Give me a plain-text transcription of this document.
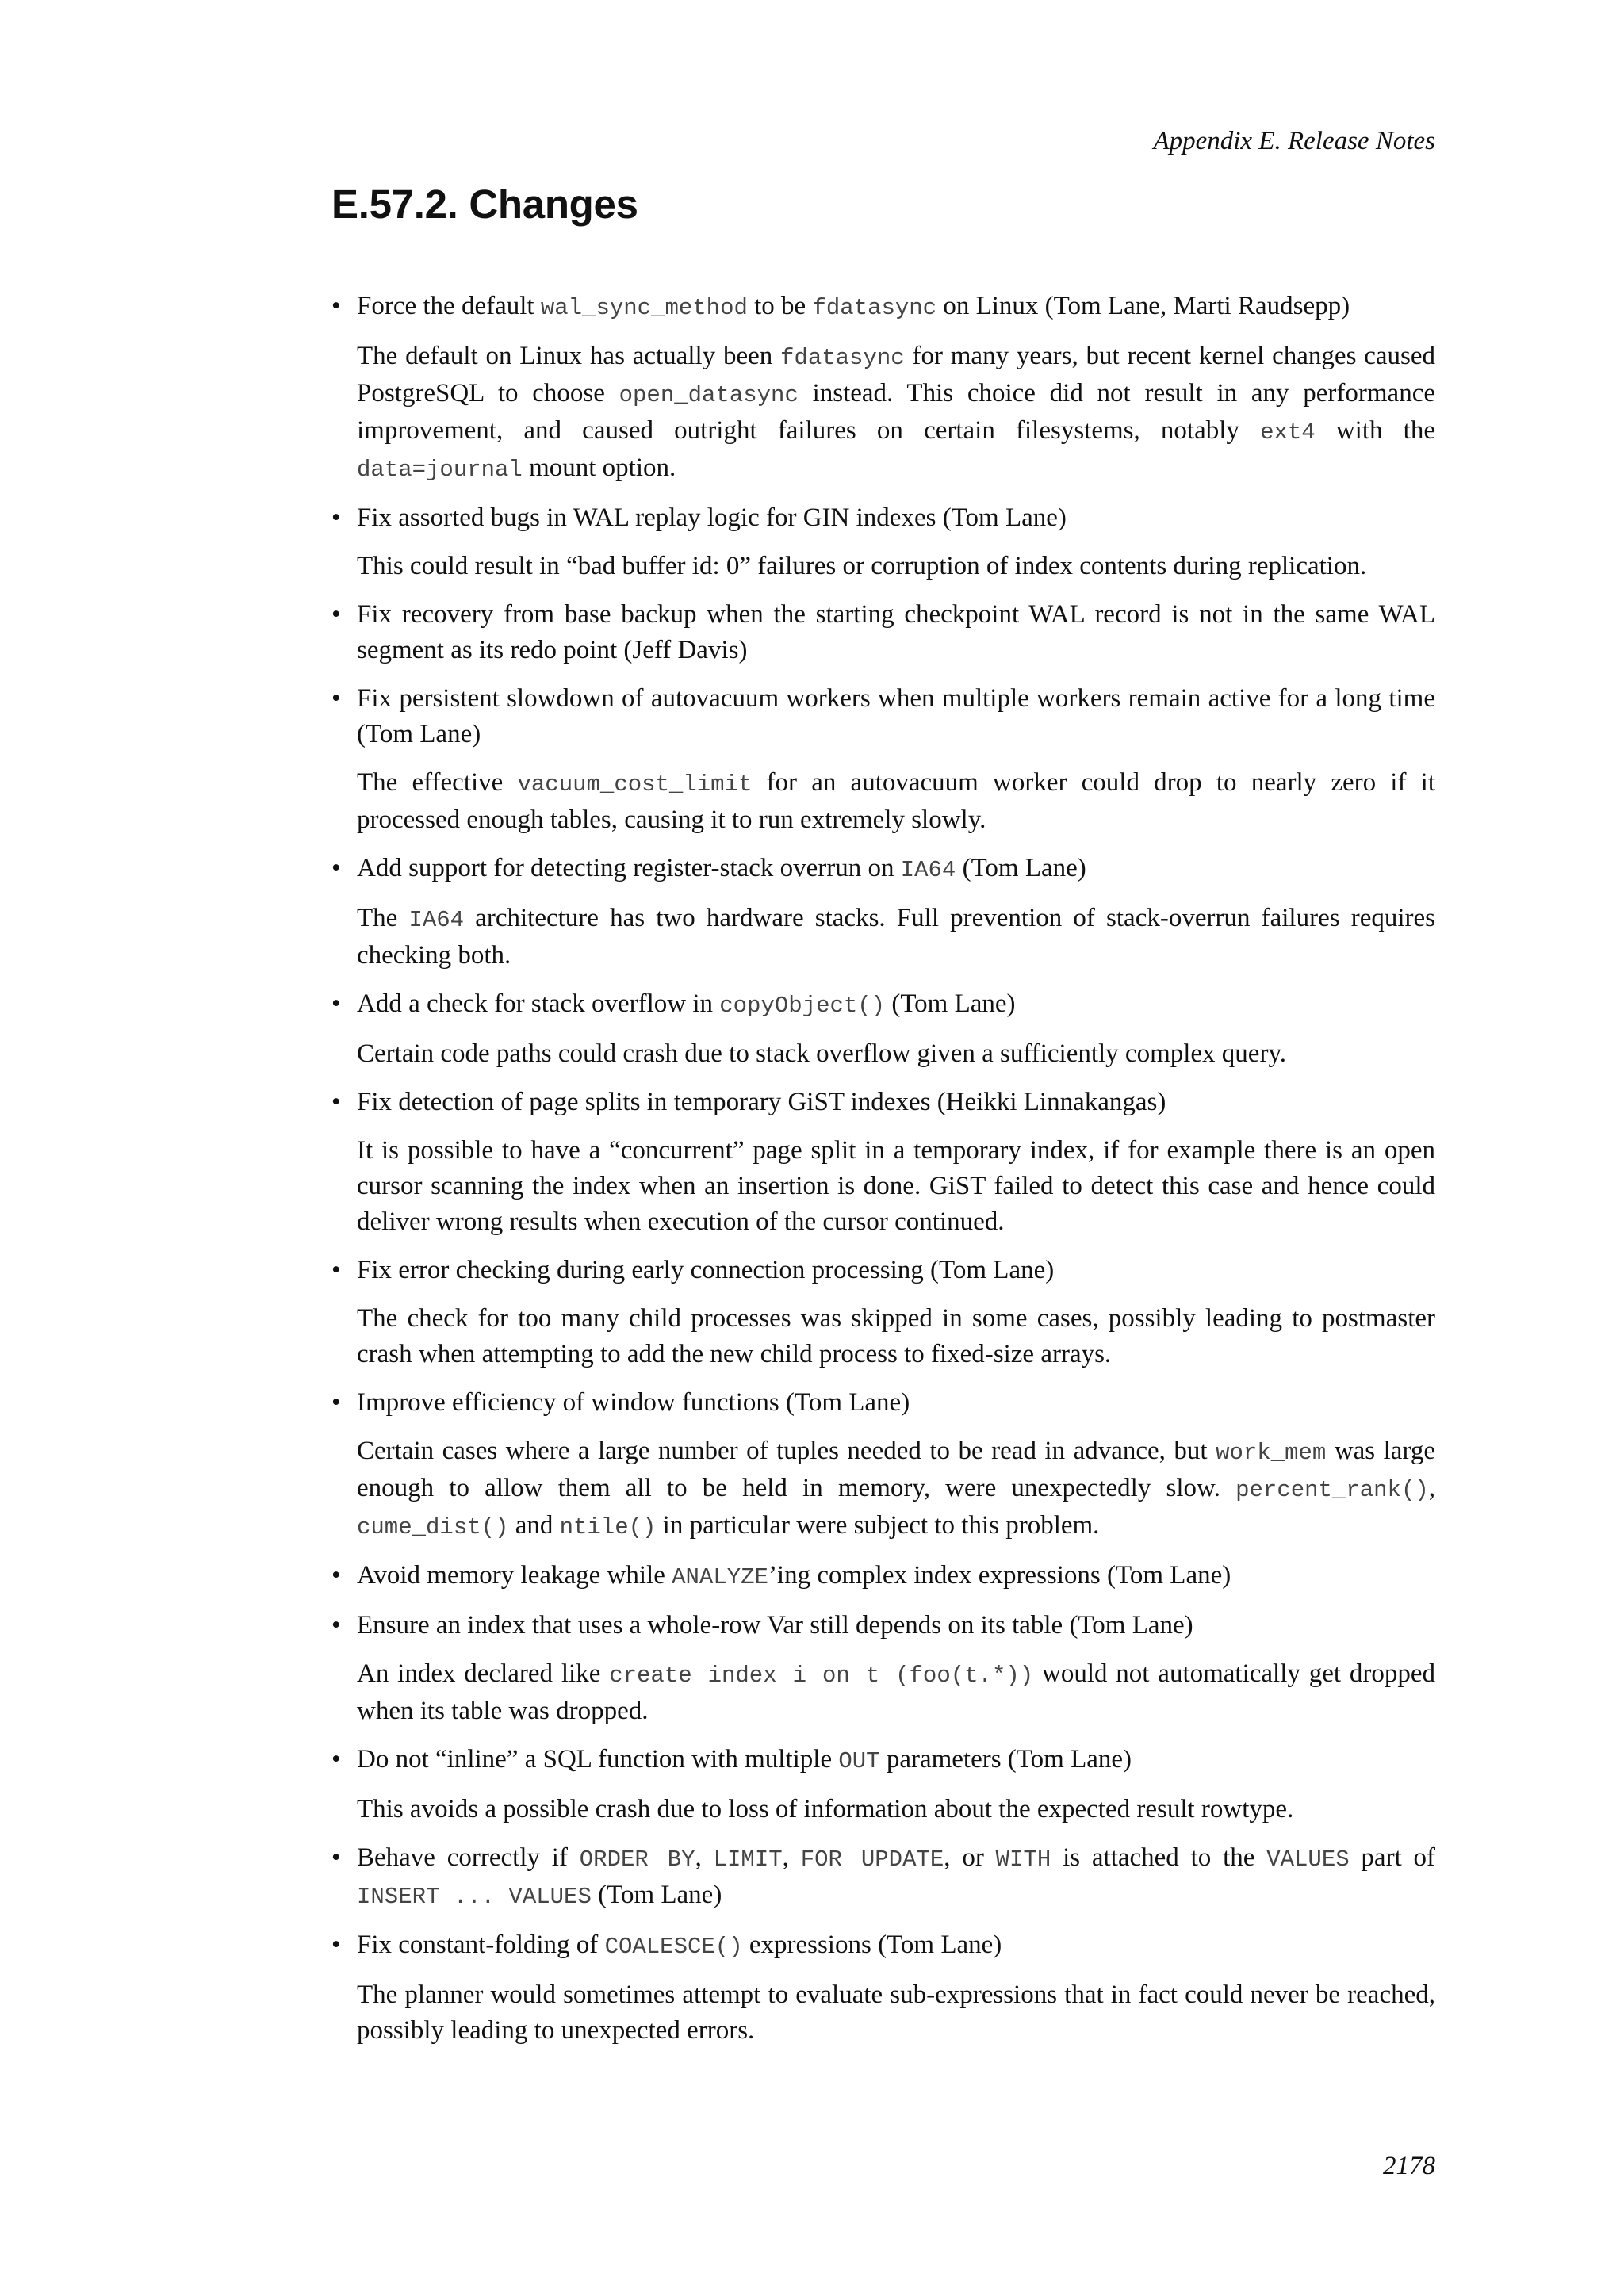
Appendix E. Release Notes
E.57.2. Changes
• Force the default wal_sync_method to be fdatasync on Linux (Tom Lane, Marti Raudsepp)

The default on Linux has actually been fdatasync for many years, but recent kernel changes caused PostgreSQL to choose open_datasync instead. This choice did not result in any performance improvement, and caused outright failures on certain filesystems, notably ext4 with the data=journal mount option.

• Fix assorted bugs in WAL replay logic for GIN indexes (Tom Lane)

This could result in “bad buffer id: 0” failures or corruption of index contents during replication.

• Fix recovery from base backup when the starting checkpoint WAL record is not in the same WAL segment as its redo point (Jeff Davis)

• Fix persistent slowdown of autovacuum workers when multiple workers remain active for a long time (Tom Lane)

The effective vacuum_cost_limit for an autovacuum worker could drop to nearly zero if it processed enough tables, causing it to run extremely slowly.

• Add support for detecting register-stack overrun on IA64 (Tom Lane)

The IA64 architecture has two hardware stacks. Full prevention of stack-overrun failures requires checking both.

• Add a check for stack overflow in copyObject() (Tom Lane)

Certain code paths could crash due to stack overflow given a sufficiently complex query.

• Fix detection of page splits in temporary GiST indexes (Heikki Linnakangas)

It is possible to have a “concurrent” page split in a temporary index, if for example there is an open cursor scanning the index when an insertion is done. GiST failed to detect this case and hence could deliver wrong results when execution of the cursor continued.

• Fix error checking during early connection processing (Tom Lane)

The check for too many child processes was skipped in some cases, possibly leading to postmaster crash when attempting to add the new child process to fixed-size arrays.

• Improve efficiency of window functions (Tom Lane)

Certain cases where a large number of tuples needed to be read in advance, but work_mem was large enough to allow them all to be held in memory, were unexpectedly slow. percent_rank(), cume_dist() and ntile() in particular were subject to this problem.

• Avoid memory leakage while ANALYZE’ing complex index expressions (Tom Lane)

• Ensure an index that uses a whole-row Var still depends on its table (Tom Lane)

An index declared like create index i on t (foo(t.*)) would not automatically get dropped when its table was dropped.

• Do not “inline” a SQL function with multiple OUT parameters (Tom Lane)

This avoids a possible crash due to loss of information about the expected result rowtype.

• Behave correctly if ORDER BY, LIMIT, FOR UPDATE, or WITH is attached to the VALUES part of INSERT ... VALUES (Tom Lane)

• Fix constant-folding of COALESCE() expressions (Tom Lane)

The planner would sometimes attempt to evaluate sub-expressions that in fact could never be reached, possibly leading to unexpected errors.

2178
